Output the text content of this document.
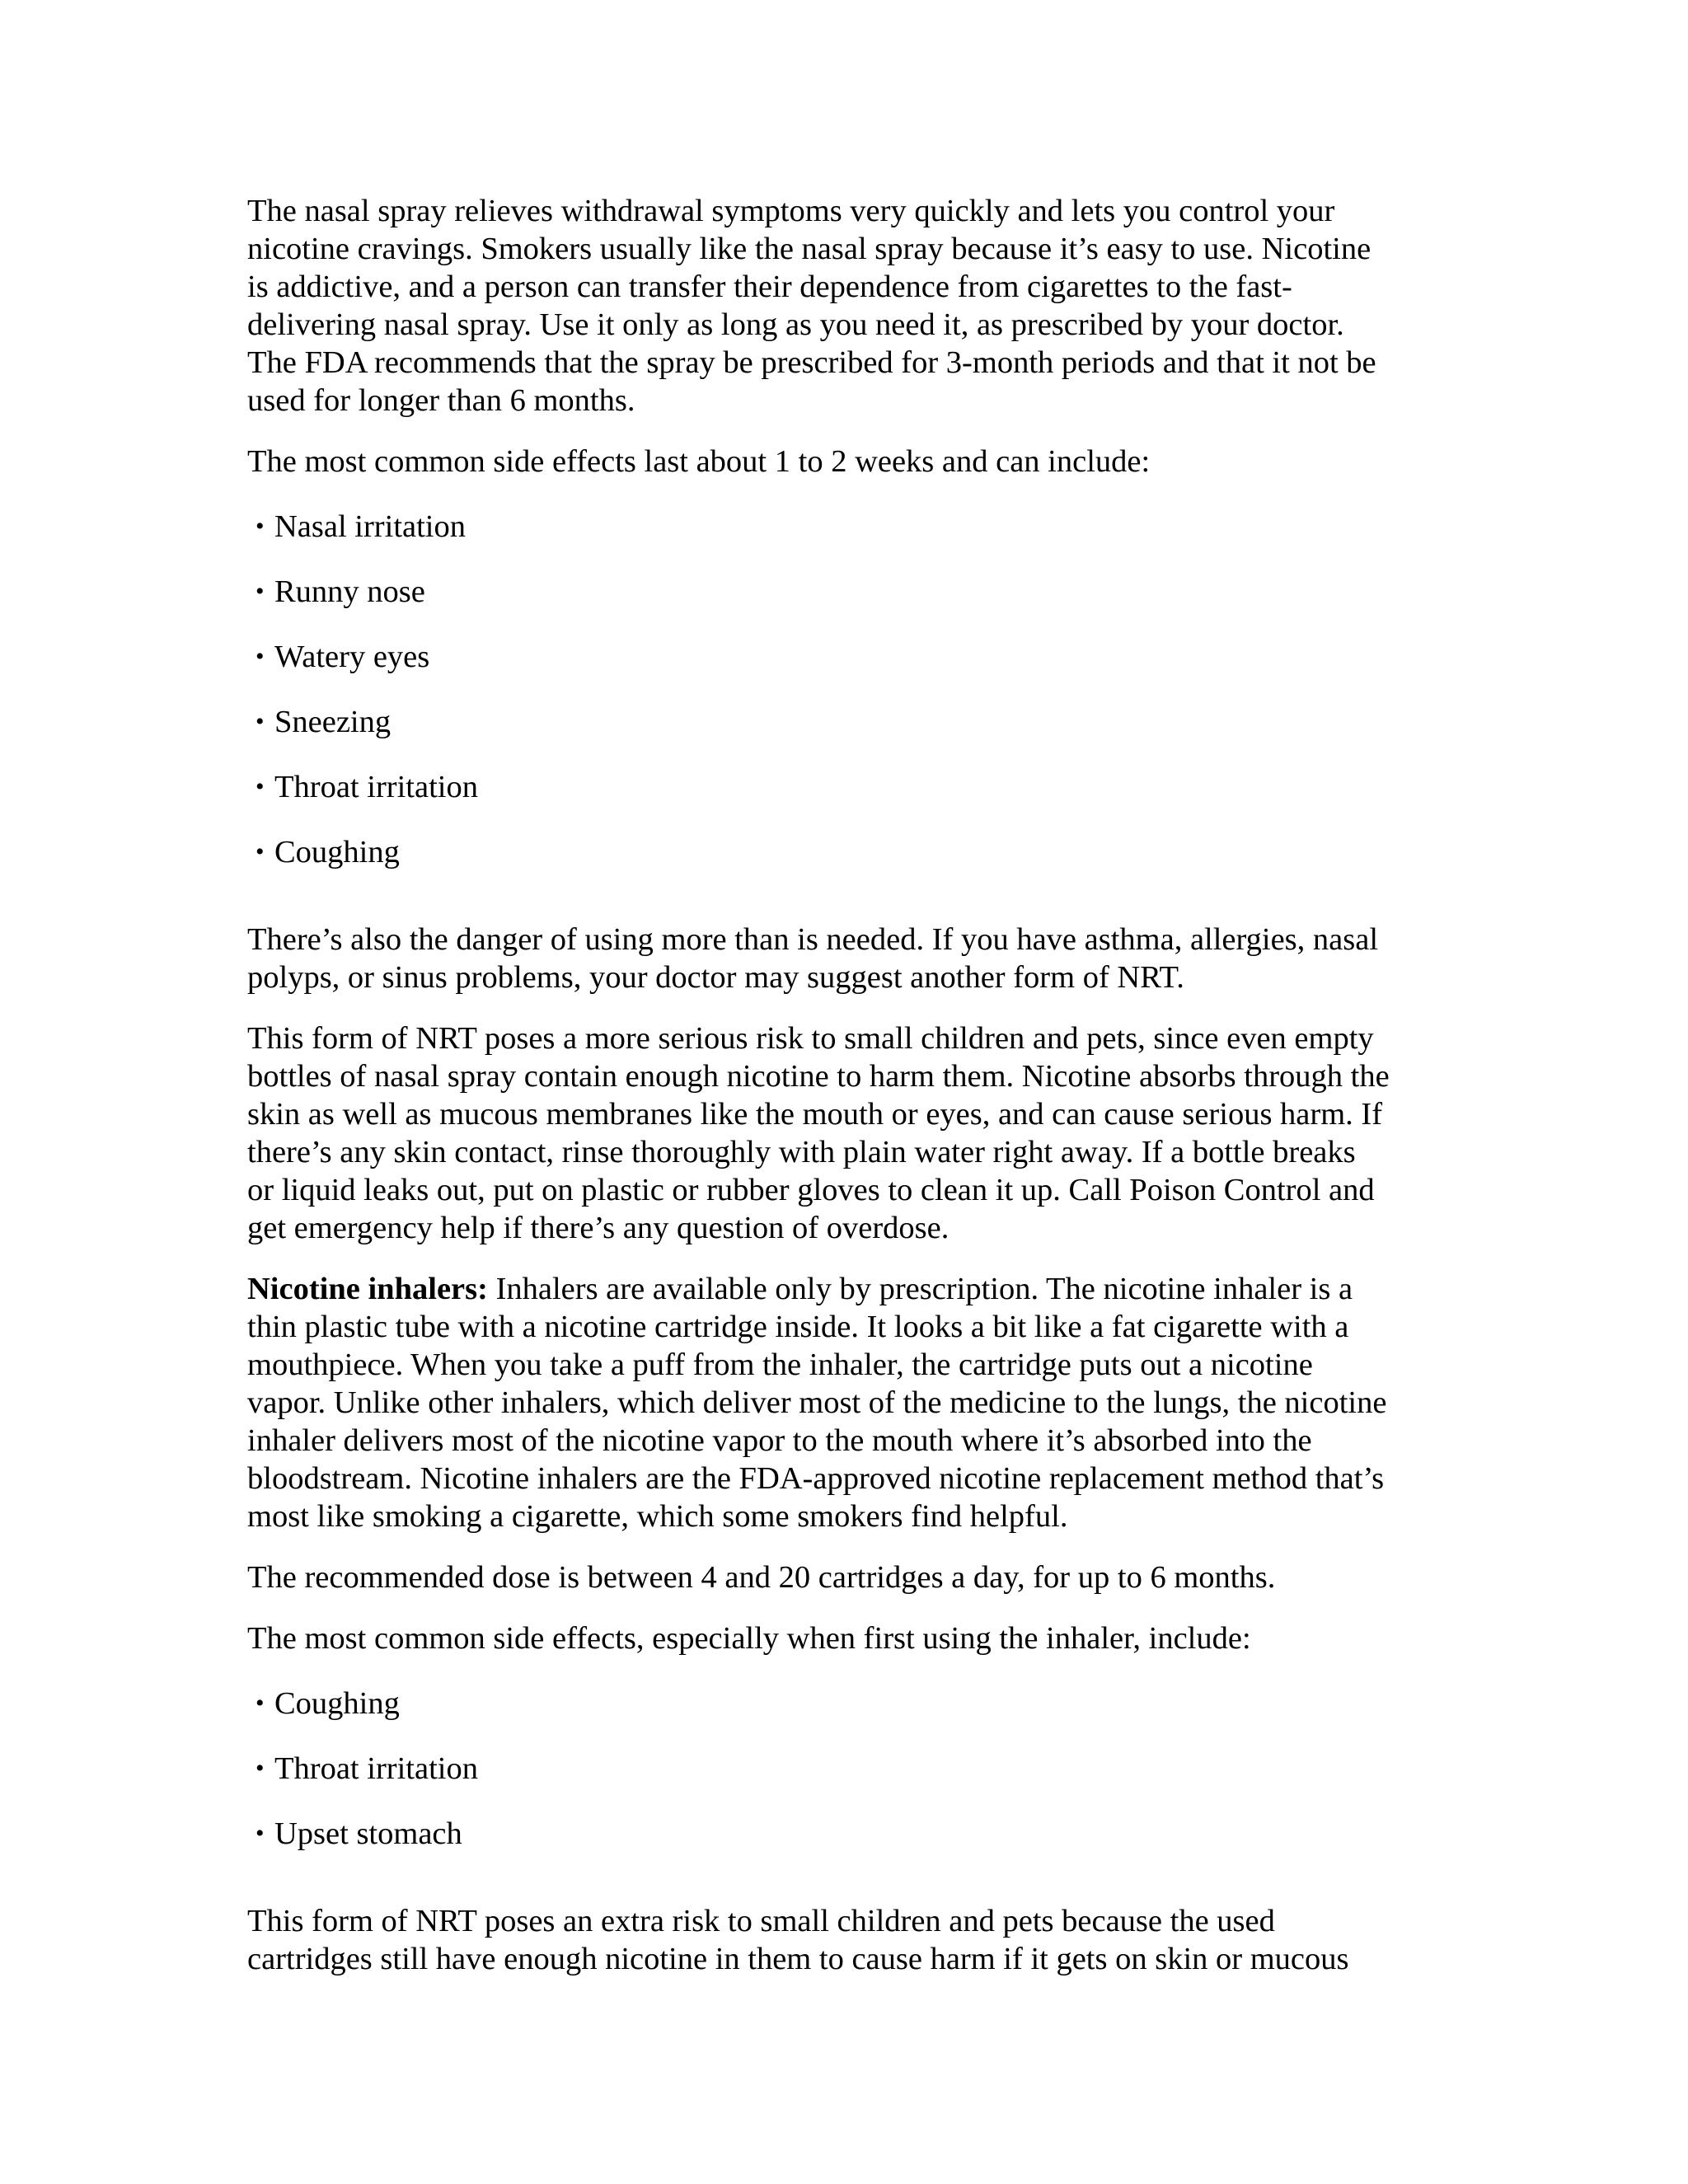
The nasal spray relieves withdrawal symptoms very quickly and lets you control your
nicotine cravings. Smokers usually like the nasal spray because it’s easy to use. Nicotine
is addictive, and a person can transfer their dependence from cigarettes to the fast-
delivering nasal spray. Use it only as long as you need it, as prescribed by your doctor.
The FDA recommends that the spray be prescribed for 3-month periods and that it not be
used for longer than 6 months.

The most common side effects last about 1 to 2 weeks and can include:

• Nasal irritation
• Runny nose
• Watery eyes
• Sneezing
• Throat irritation
• Coughing

There’s also the danger of using more than is needed. If you have asthma, allergies, nasal
polyps, or sinus problems, your doctor may suggest another form of NRT.

This form of NRT poses a more serious risk to small children and pets, since even empty
bottles of nasal spray contain enough nicotine to harm them. Nicotine absorbs through the
skin as well as mucous membranes like the mouth or eyes, and can cause serious harm. If
there’s any skin contact, rinse thoroughly with plain water right away. If a bottle breaks
or liquid leaks out, put on plastic or rubber gloves to clean it up. Call Poison Control and
get emergency help if there’s any question of overdose.

Nicotine inhalers: Inhalers are available only by prescription. The nicotine inhaler is a
thin plastic tube with a nicotine cartridge inside. It looks a bit like a fat cigarette with a
mouthpiece. When you take a puff from the inhaler, the cartridge puts out a nicotine
vapor. Unlike other inhalers, which deliver most of the medicine to the lungs, the nicotine
inhaler delivers most of the nicotine vapor to the mouth where it’s absorbed into the
bloodstream. Nicotine inhalers are the FDA-approved nicotine replacement method that’s
most like smoking a cigarette, which some smokers find helpful.

The recommended dose is between 4 and 20 cartridges a day, for up to 6 months.

The most common side effects, especially when first using the inhaler, include:

• Coughing
• Throat irritation
• Upset stomach

This form of NRT poses an extra risk to small children and pets because the used
cartridges still have enough nicotine in them to cause harm if it gets on skin or mucous
